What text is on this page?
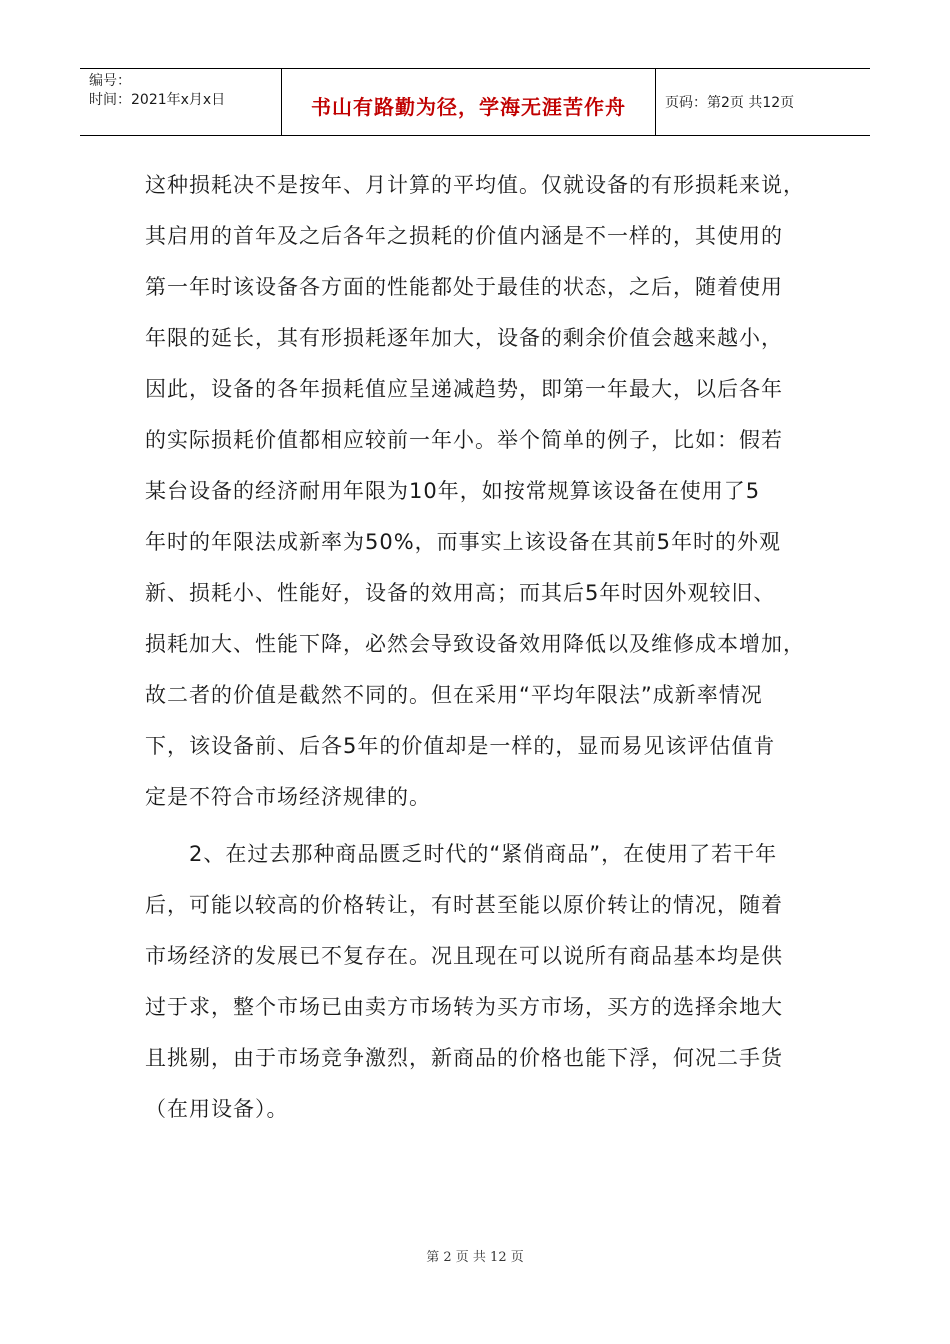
编号：
时间：2021年x月x日	书山有路勤为径，学海无涯苦作舟	页码：第2页 共12页
这种损耗决不是按年、月计算的平均值。仅就设备的有形损耗来说，
其启用的首年及之后各年之损耗的价值内涵是不一样的，其使用的
第一年时该设备各方面的性能都处于最佳的状态，之后，随着使用
年限的延长，其有形损耗逐年加大，设备的剩余价值会越来越小，
因此，设备的各年损耗值应呈递减趋势，即第一年最大，以后各年
的实际损耗价值都相应较前一年小。举个简单的例子，比如：假若
某台设备的经济耐用年限为10年，如按常规算该设备在使用了5
年时的年限法成新率为50%，而事实上该设备在其前5年时的外观
新、损耗小、性能好，设备的效用高；而其后5年时因外观较旧、
损耗加大、性能下降，必然会导致设备效用降低以及维修成本增加，
故二者的价值是截然不同的。但在采用“平均年限法”成新率情况
下，该设备前、后各5年的价值却是一样的，显而易见该评估值肯
定是不符合市场经济规律的。
2、在过去那种商品匮乏时代的“紧俏商品”，在使用了若干年
后，可能以较高的价格转让，有时甚至能以原价转让的情况，随着
市场经济的发展已不复存在。况且现在可以说所有商品基本均是供
过于求，整个市场已由卖方市场转为买方市场，买方的选择余地大
且挑剔，由于市场竞争激烈，新商品的价格也能下浮，何况二手货
（在用设备）。
第 2 页 共 12 页
